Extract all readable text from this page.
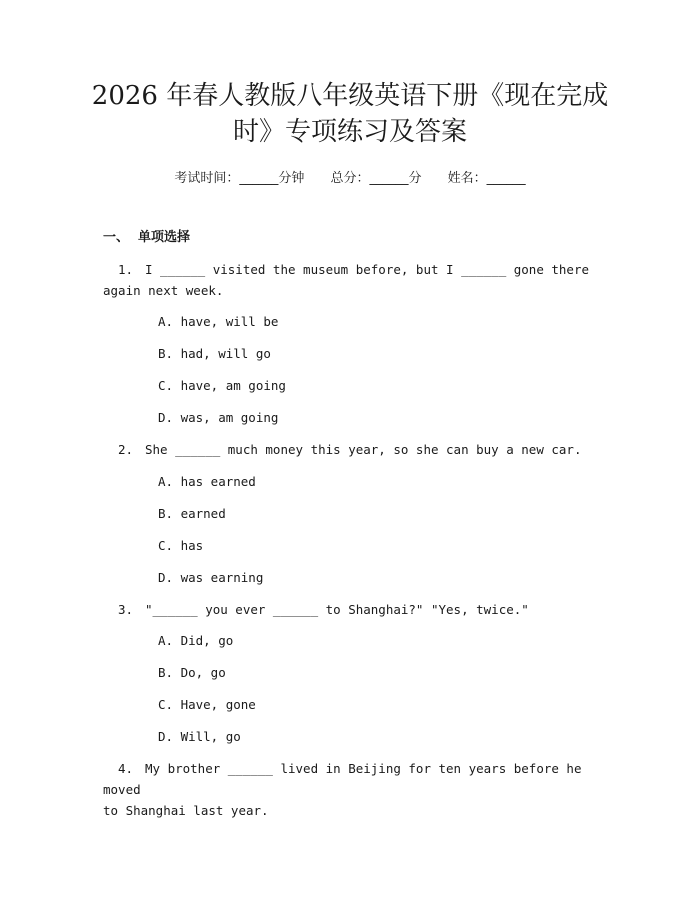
2026 年春人教版八年级英语下册《现在完成
时》专项练习及答案
考试时间：______分钟 总分：______分 姓名：______
一、 单项选择
1. I ______ visited the museum before, but I ______ gone there
again next week.
A. have, will be
B. had, will go
C. have, am going
D. was, am going
2. She ______ much money this year, so she can buy a new car.
A. has earned
B. earned
C. has
D. was earning
3. "______ you ever ______ to Shanghai?" "Yes, twice."
A. Did, go
B. Do, go
C. Have, gone
D. Will, go
4. My brother ______ lived in Beijing for ten years before he moved
to Shanghai last year.
